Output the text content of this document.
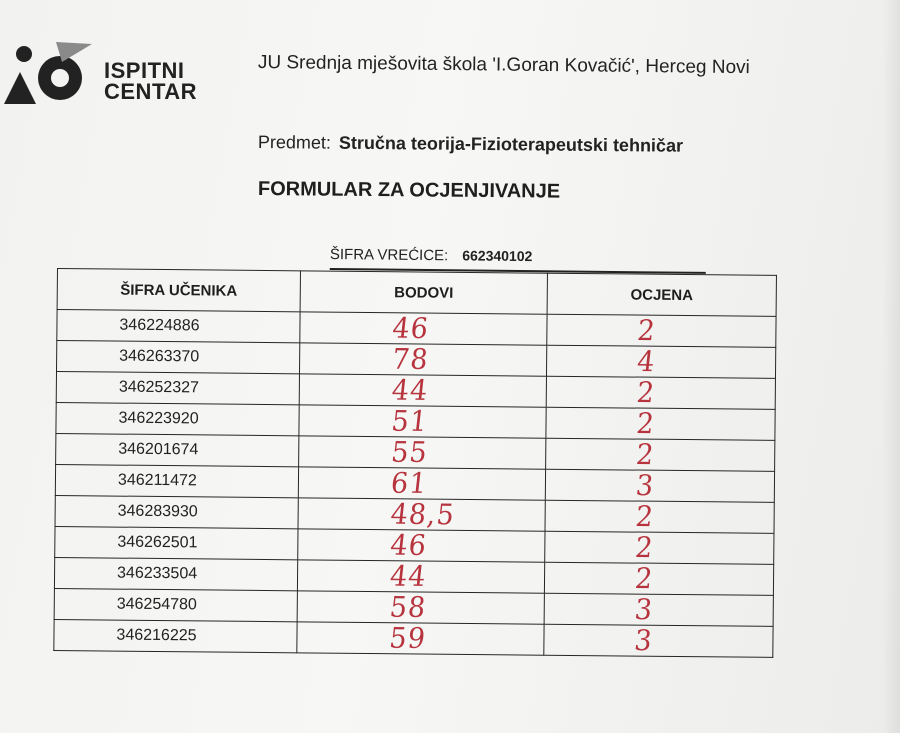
ISPITNI
CENTAR
JU Srednja mješovita škola 'I.Goran Kovačić', Herceg Novi
Predmet: Stručna teorija-Fizioterapeutski tehničar
FORMULAR ZA OCJENJIVANJE
ŠIFRA VREĆICE: 662340102
ŠIFRA UČENIKA	BODOVI	OCJENA
346224886	46	2
346263370	78	4
346252327	44	2
346223920	51	2
346201674	55	2
346211472	61	3
346283930	48,5	2
346262501	46	2
346233504	44	2
346254780	58	3
346216225	59	3
